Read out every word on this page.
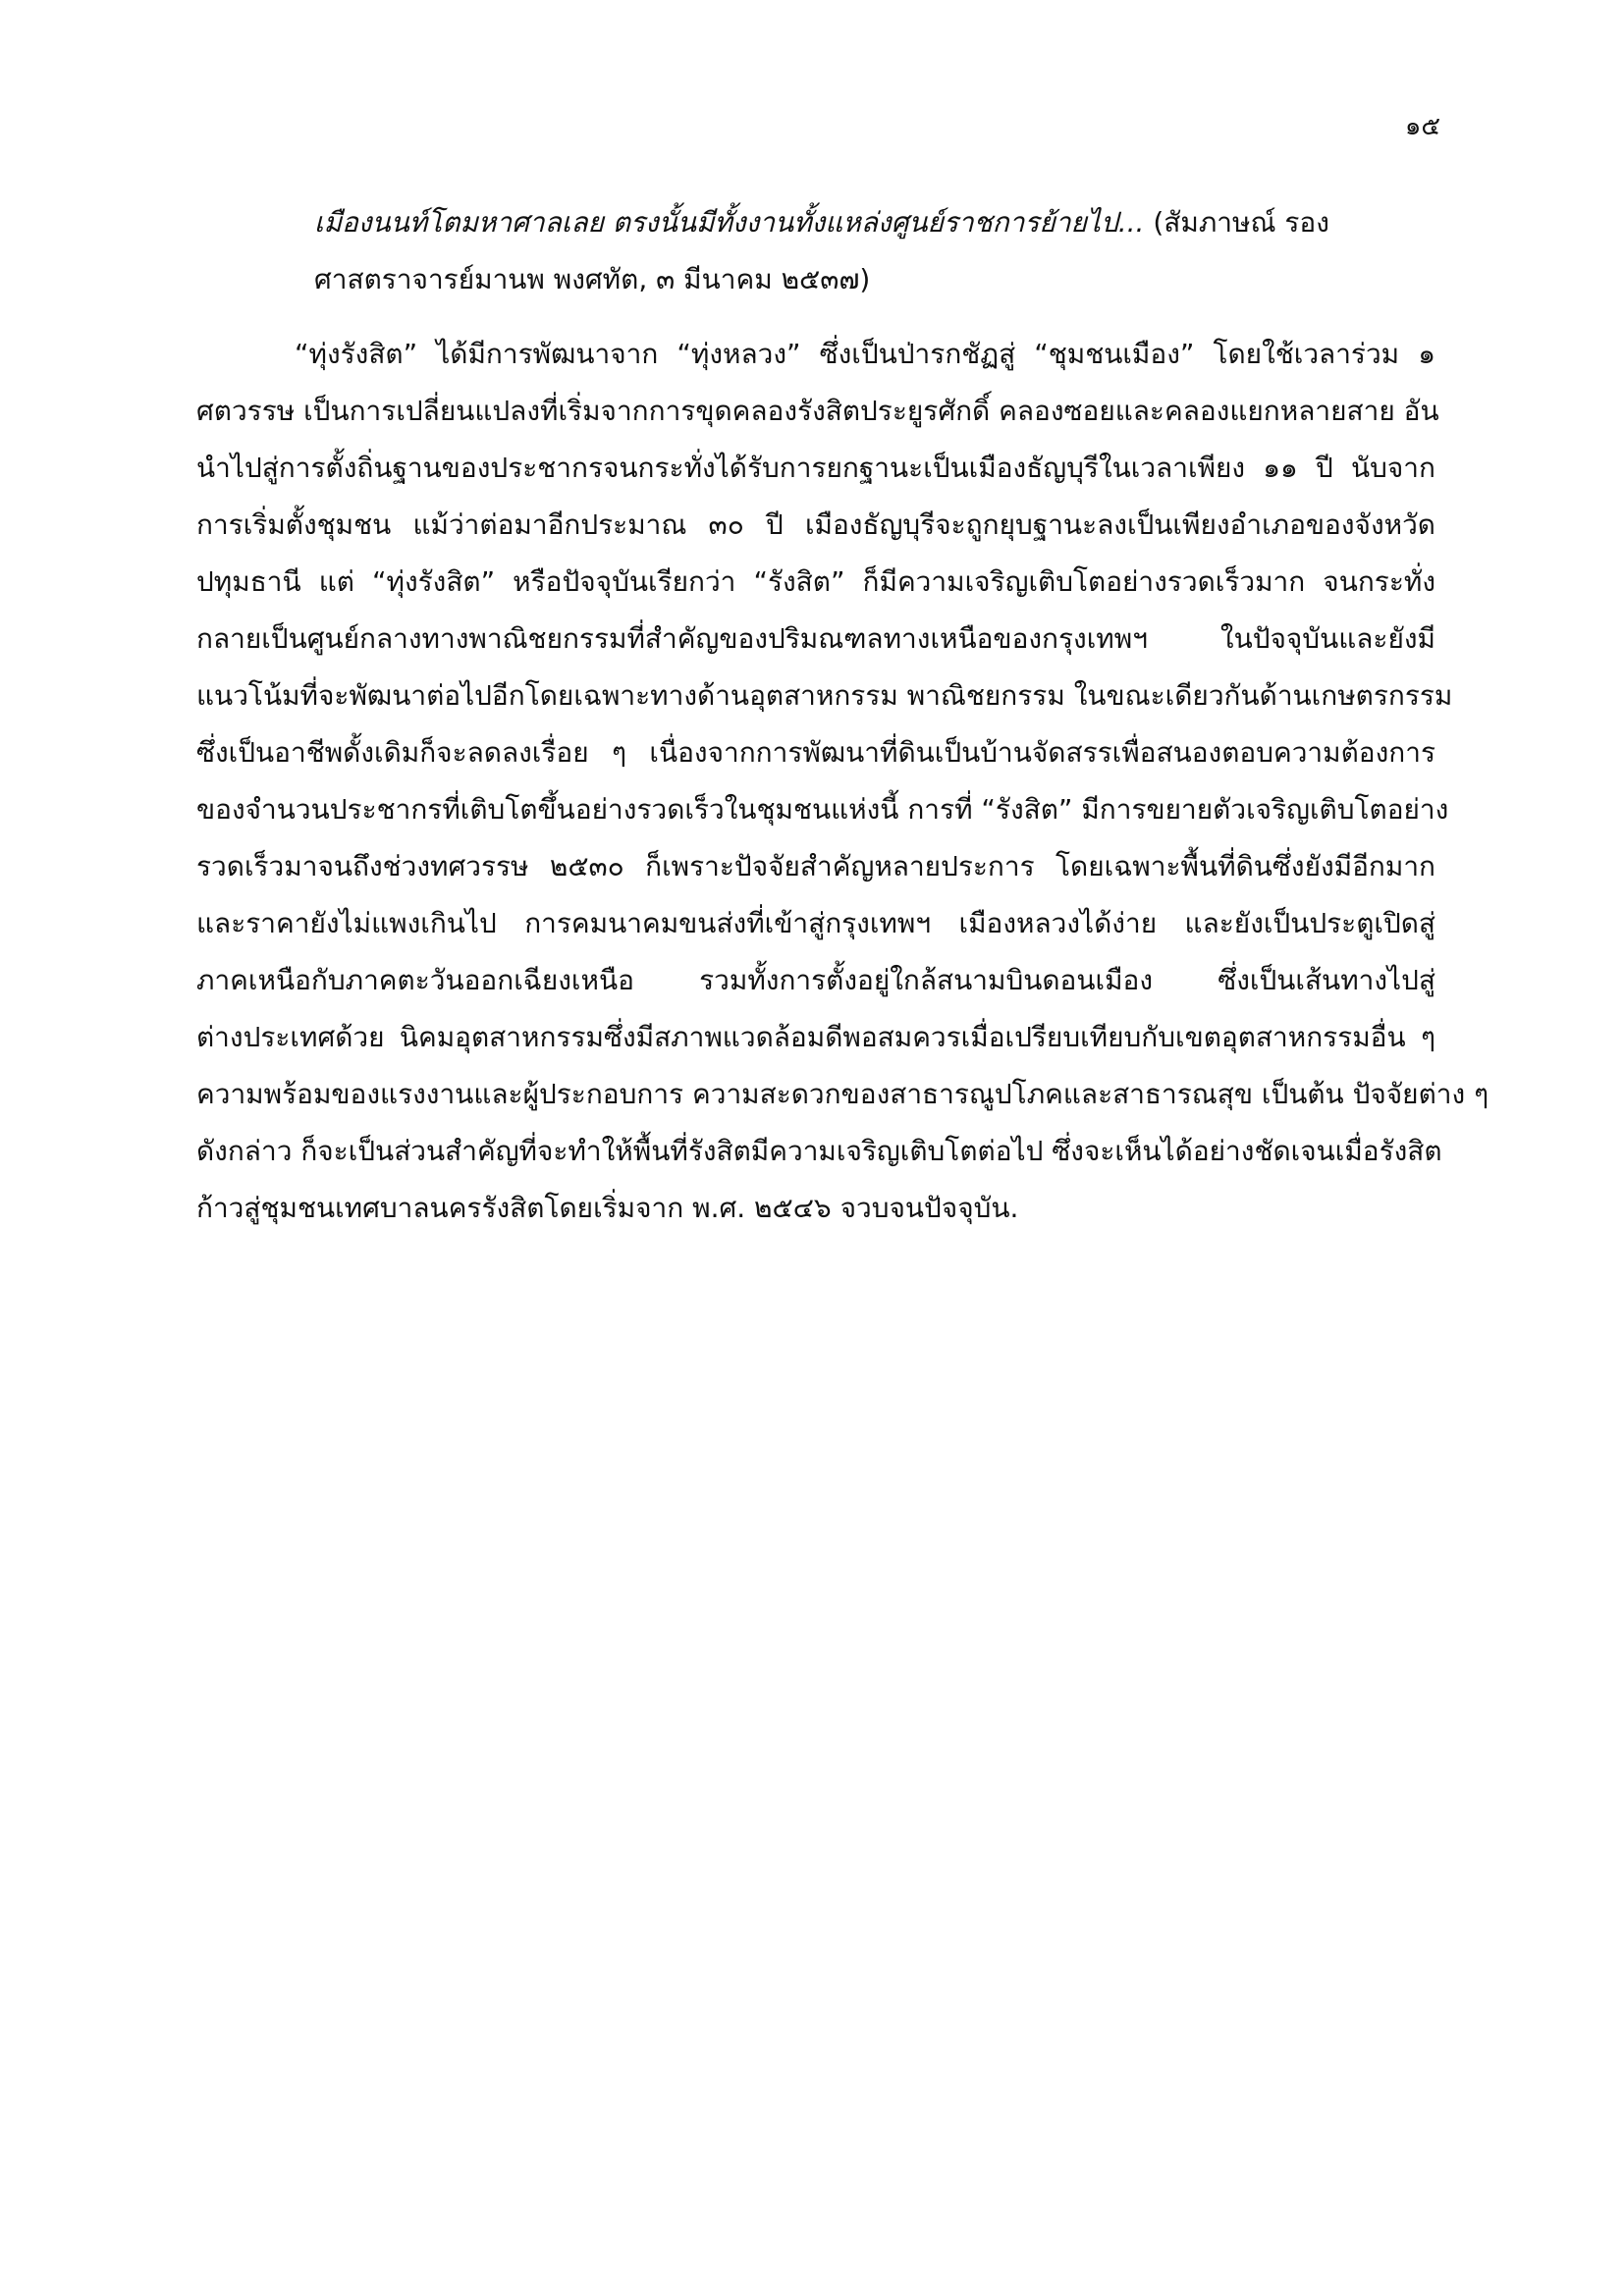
๑๕
เมืองนนท์โตมหาศาลเลย ตรงนั้นมีทั้งงานทั้งแหล่งศูนย์ราชการย้ายไป... (สัมภาษณ์ รอง
ศาสตราจารย์มานพ พงศทัต, ๓ มีนาคม ๒๕๓๗)
“ทุ่งรังสิต” ได้มีการพัฒนาจาก “ทุ่งหลวง” ซึ่งเป็นป่ารกชัฏสู่ “ชุมชนเมือง” โดยใช้เวลาร่วม ๑
ศตวรรษ เป็นการเปลี่ยนแปลงที่เริ่มจากการขุดคลองรังสิตประยูรศักดิ์ คลองซอยและคลองแยกหลายสาย อัน
นำไปสู่การตั้งถิ่นฐานของประชากรจนกระทั่งได้รับการยกฐานะเป็นเมืองธัญบุรีในเวลาเพียง ๑๑ ปี นับจาก
การเริ่มตั้งชุมชน แม้ว่าต่อมาอีกประมาณ ๓๐ ปี เมืองธัญบุรีจะถูกยุบฐานะลงเป็นเพียงอำเภอของจังหวัด
ปทุมธานี แต่ “ทุ่งรังสิต” หรือปัจจุบันเรียกว่า “รังสิต” ก็มีความเจริญเติบโตอย่างรวดเร็วมาก จนกระทั่ง
กลายเป็นศูนย์กลางทางพาณิชยกรรมที่สำคัญของปริมณฑลทางเหนือของกรุงเทพฯ ในปัจจุบันและยังมี
แนวโน้มที่จะพัฒนาต่อไปอีกโดยเฉพาะทางด้านอุตสาหกรรม พาณิชยกรรม ในขณะเดียวกันด้านเกษตรกรรม
ซึ่งเป็นอาชีพดั้งเดิมก็จะลดลงเรื่อย ๆ เนื่องจากการพัฒนาที่ดินเป็นบ้านจัดสรรเพื่อสนองตอบความต้องการ
ของจำนวนประชากรที่เติบโตขึ้นอย่างรวดเร็วในชุมชนแห่งนี้ การที่ “รังสิต” มีการขยายตัวเจริญเติบโตอย่าง
รวดเร็วมาจนถึงช่วงทศวรรษ ๒๕๓๐ ก็เพราะปัจจัยสำคัญหลายประการ โดยเฉพาะพื้นที่ดินซึ่งยังมีอีกมาก
และราคายังไม่แพงเกินไป การคมนาคมขนส่งที่เข้าสู่กรุงเทพฯ เมืองหลวงได้ง่าย และยังเป็นประตูเปิดสู่
ภาคเหนือกับภาคตะวันออกเฉียงเหนือ รวมทั้งการตั้งอยู่ใกล้สนามบินดอนเมือง ซึ่งเป็นเส้นทางไปสู่
ต่างประเทศด้วย นิคมอุตสาหกรรมซึ่งมีสภาพแวดล้อมดีพอสมควรเมื่อเปรียบเทียบกับเขตอุตสาหกรรมอื่น ๆ
ความพร้อมของแรงงานและผู้ประกอบการ ความสะดวกของสาธารณูปโภคและสาธารณสุข เป็นต้น ปัจจัยต่าง ๆ
ดังกล่าว ก็จะเป็นส่วนสำคัญที่จะทำให้พื้นที่รังสิตมีความเจริญเติบโตต่อไป ซึ่งจะเห็นได้อย่างชัดเจนเมื่อรังสิต
ก้าวสู่ชุมชนเทศบาลนครรังสิตโดยเริ่มจาก พ.ศ. ๒๕๔๖ จวบจนปัจจุบัน.
